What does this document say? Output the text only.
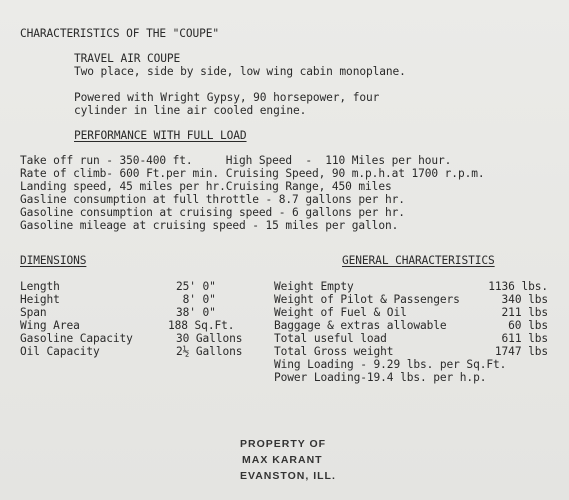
CHARACTERISTICS OF THE "COUPE"
TRAVEL AIR COUPE
Two place, side by side, low wing cabin monoplane.
Powered with Wright Gypsy, 90 horsepower, four
cylinder in line air cooled engine.
PERFORMANCE WITH FULL LOAD
Take off run - 350-400 ft.     High Speed  -  110 Miles per hour.
Rate of climb- 600 Ft.per min. Cruising Speed, 90 m.p.h.at 1700 r.p.m.
Landing speed, 45 miles per hr.Cruising Range, 450 miles
Gasline consumption at full throttle - 8.7 gallons per hr.
Gasoline consumption at cruising speed - 6 gallons per hr.
Gasoline mileage at cruising speed - 15 miles per gallon.
DIMENSIONS	GENERAL CHARACTERISTICS
Length	25' 0"
Height	8' 0"
Span	38' 0"
Wing Area	188 Sq.Ft.
Gasoline Capacity	30 Gallons
Oil Capacity	2½ Gallons
Weight Empty	1136 lbs.
Weight of Pilot & Passengers	340 lbs
Weight of Fuel & Oil	211 lbs
Baggage & extras allowable	60 lbs
Total useful load	611 lbs
Total Gross weight	1747 lbs
Wing Loading - 9.29 lbs. per Sq.Ft.
Power Loading-19.4 lbs. per h.p.
PROPERTY OF
MAX KARANT
EVANSTON, ILL.
